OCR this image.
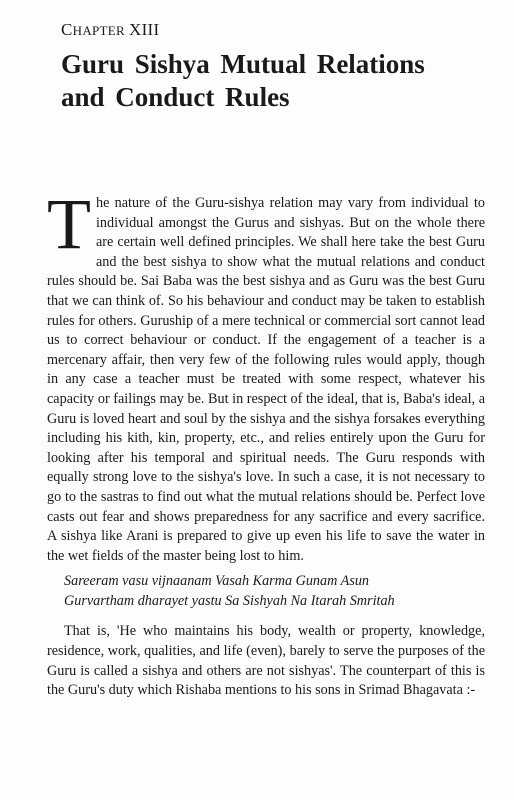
CHAPTER XIII
Guru Sishya Mutual Relations
and Conduct Rules

The nature of the Guru-sishya relation may vary from individual to individual amongst the Gurus and sishyas. But on the whole there are certain well defined principles. We shall here take the best Guru and the best sishya to show what the mutual relations and conduct rules should be. Sai Baba was the best sishya and as Guru was the best Guru that we can think of. So his behaviour and conduct may be taken to establish rules for others. Guruship of a mere technical or commercial sort cannot lead us to correct behaviour or conduct. If the engagement of a teacher is a mercenary affair, then very few of the following rules would apply, though in any case a teacher must be treated with some respect, whatever his capacity or failings may be. But in respect of the ideal, that is, Baba's ideal, a Guru is loved heart and soul by the sishya and the sishya forsakes everything including his kith, kin, property, etc., and relies entirely upon the Guru for looking after his temporal and spiritual needs. The Guru responds with equally strong love to the sishya's love. In such a case, it is not necessary to go to the sastras to find out what the mutual relations should be. Perfect love casts out fear and shows preparedness for any sacrifice and every sacrifice. A sishya like Arani is prepared to give up even his life to save the water in the wet fields of the master being lost to him.

Sareeram vasu vijnaanam Vasah Karma Gunam Asun
Gurvartham dharayet yastu Sa Sishyah Na Itarah Smritah

That is, 'He who maintains his body, wealth or property, knowledge, residence, work, qualities, and life (even), barely to serve the purposes of the Guru is called a sishya and others are not sishyas'. The counterpart of this is the Guru's duty which Rishaba mentions to his sons in Srimad Bhagavata :-
